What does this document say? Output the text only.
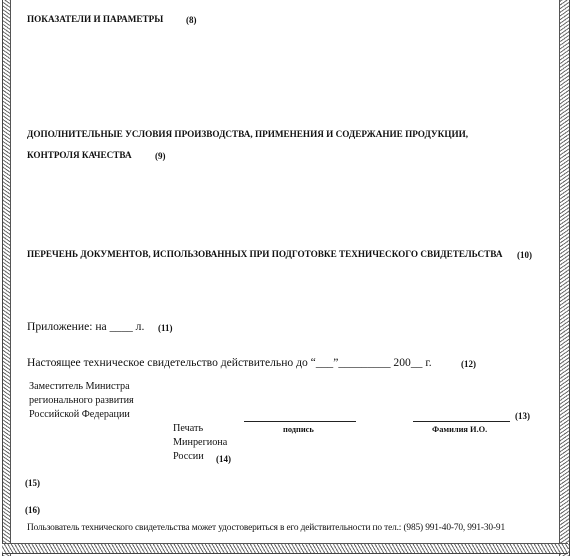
ПОКАЗАТЕЛИ И ПАРАМЕТРЫ	(8)
ДОПОЛНИТЕЛЬНЫЕ УСЛОВИЯ ПРОИЗВОДСТВА, ПРИМЕНЕНИЯ И СОДЕРЖАНИЕ ПРОДУКЦИИ,
КОНТРОЛЯ КАЧЕСТВА	(9)
ПЕРЕЧЕНЬ ДОКУМЕНТОВ, ИСПОЛЬЗОВАННЫХ ПРИ ПОДГОТОВКЕ ТЕХНИЧЕСКОГО СВИДЕТЕЛЬСТВА (10)
Приложение: на ____ л. (11)
Настоящее техническое свидетельство действительно до “___”_________ 200__ г.	(12)
Заместитель Министра
регионального развития
Российской Федерации
подпись	Фамилия И.О.
(13)
Печать
Минрегиона
России (14)
(15)
(16)
Пользователь технического свидетельства может удостовериться в его действительности по тел.: (985) 991-40-70, 991-30-91
